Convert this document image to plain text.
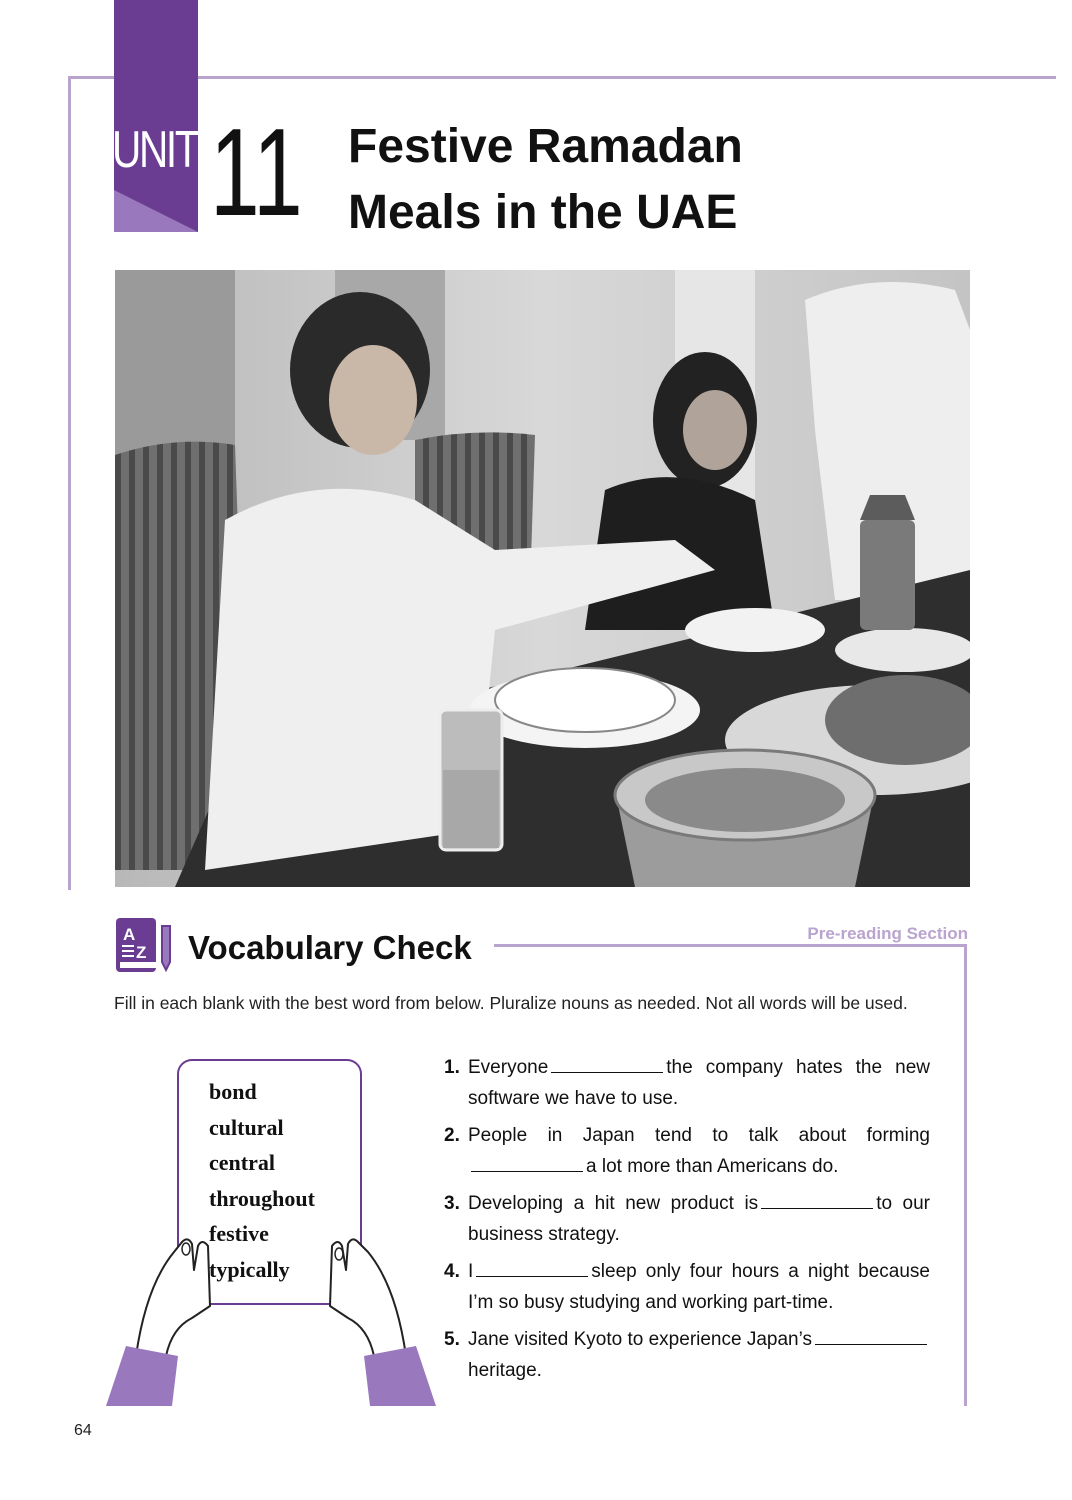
UNIT 11 Festive Ramadan
Meals in the UAE
A
Z Vocabulary Check	Pre-reading Section
Fill in each blank with the best word from below. Pluralize nouns as needed. Not all words will be used.
bond
cultural
central
throughout
festive
typically
1. Everyone	the company hates the new software we have to use.
2. People in Japan tend to talk about forminga lot more than Americans do.
3. Developing a hit new product is	to our business strategy.
4. I	sleep only four hours a night because I’m so busy studying and working part-time.
5. Jane visited Kyoto to experience Japan’sheritage.
64
